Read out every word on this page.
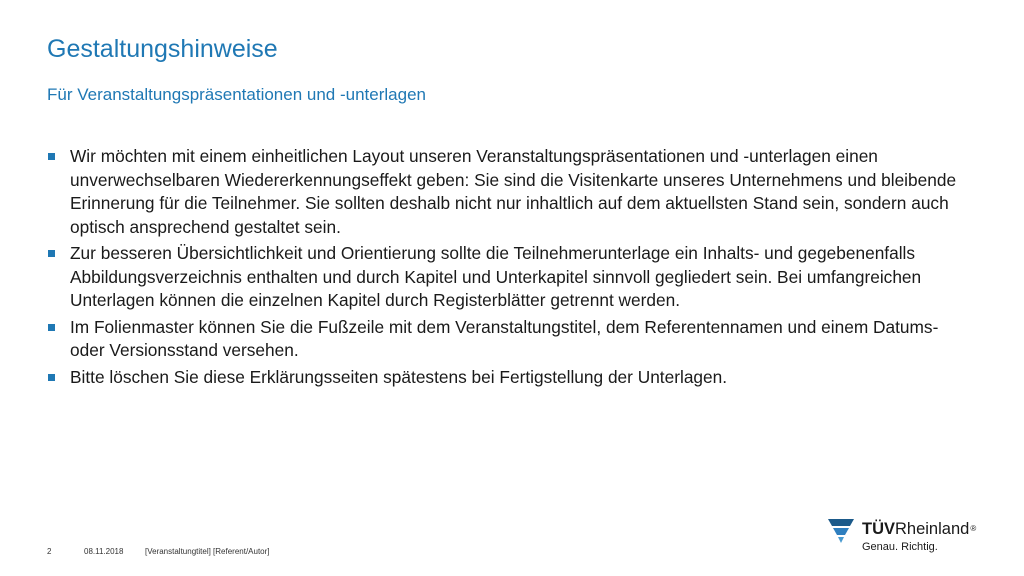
Gestaltungshinweise
Für Veranstaltungspräsentationen und -unterlagen
Wir möchten mit einem einheitlichen Layout unseren Veranstaltungspräsentationen und -unterlagen einen unverwechselbaren Wiedererkennungseffekt geben: Sie sind die Visitenkarte unseres Unternehmens und bleibende Erinnerung für die Teilnehmer. Sie sollten deshalb nicht nur inhaltlich auf dem aktuellsten Stand sein, sondern auch optisch ansprechend gestaltet sein.
Zur besseren Übersichtlichkeit und Orientierung sollte die Teilnehmerunterlage ein Inhalts- und gegebenenfalls Abbildungsverzeichnis enthalten und durch Kapitel und Unterkapitel sinnvoll gegliedert sein. Bei umfangreichen Unterlagen können die einzelnen Kapitel durch Registerblätter getrennt werden.
Im Folienmaster können Sie die Fußzeile mit dem Veranstaltungstitel, dem Referentennamen und einem Datums- oder Versionsstand versehen.
Bitte löschen Sie diese Erklärungsseiten spätestens bei Fertigstellung der Unterlagen.
2	08.11.2018	[Veranstaltungtitel] [Referent/Autor]
TÜVRheinland®
Genau. Richtig.
